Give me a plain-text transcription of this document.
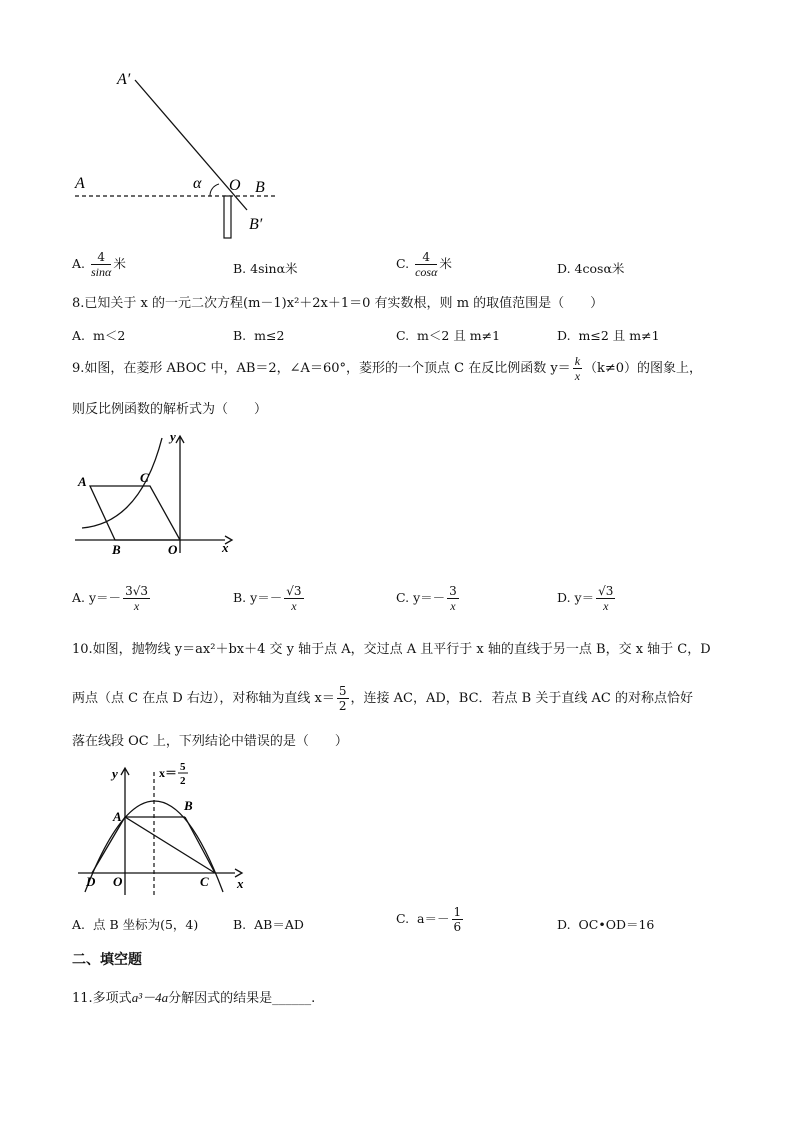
A′
A	α O B
B′
A. $\frac{4}{\sin\alpha}$ 米	B. 4sinα米	C. $\frac{4}{\cos\alpha}$ 米	D. 4cosα米
8.已知关于 x 的一元二次方程(m－1)x²＋2x＋1＝0 有实数根，则 m 的取值范围是（　　）
A. m＜2	B. m≤2	C. m＜2 且 m≠1	D. m≤2 且 m≠1
9.如图，在菱形 ABOC 中，AB＝2，∠A＝60°，菱形的一个顶点 C 在反比例函数 $y= \frac{k}{x} (k\ne 0)$的图象上，
则反比例函数的解析式为（　　）
y
A	C
B	O	x
A. $y=- \frac{3√3}{x}$	B. $y=- \frac{√3}{x}$	C. $y=- \frac{3}{x}$	D. $y= \frac{√3}{x}$
10.如图，抛物线 y＝ax²＋bx＋4 交 y 轴于点 A，交过点 A 且平行于 x 轴的直线于另一点 B，交 x 轴于 C，D
两点（点 C 在点 D 右边），对称轴为直线 $x= \frac{5}{2}$ ，连接 AC，AD，BC．若点 B 关于直线 AC 的对称点恰好
落在线段 OC 上，下列结论中错误的是（　　）
y	x＝ 5
2
A
B
D O	C x
A. 点 B 坐标为(5，4)	B. AB＝AD	C. $a=- \frac{1}{6}$	D. OC•OD＝16
二、填空题
11.多项式a³－4a分解因式的结果是______.
